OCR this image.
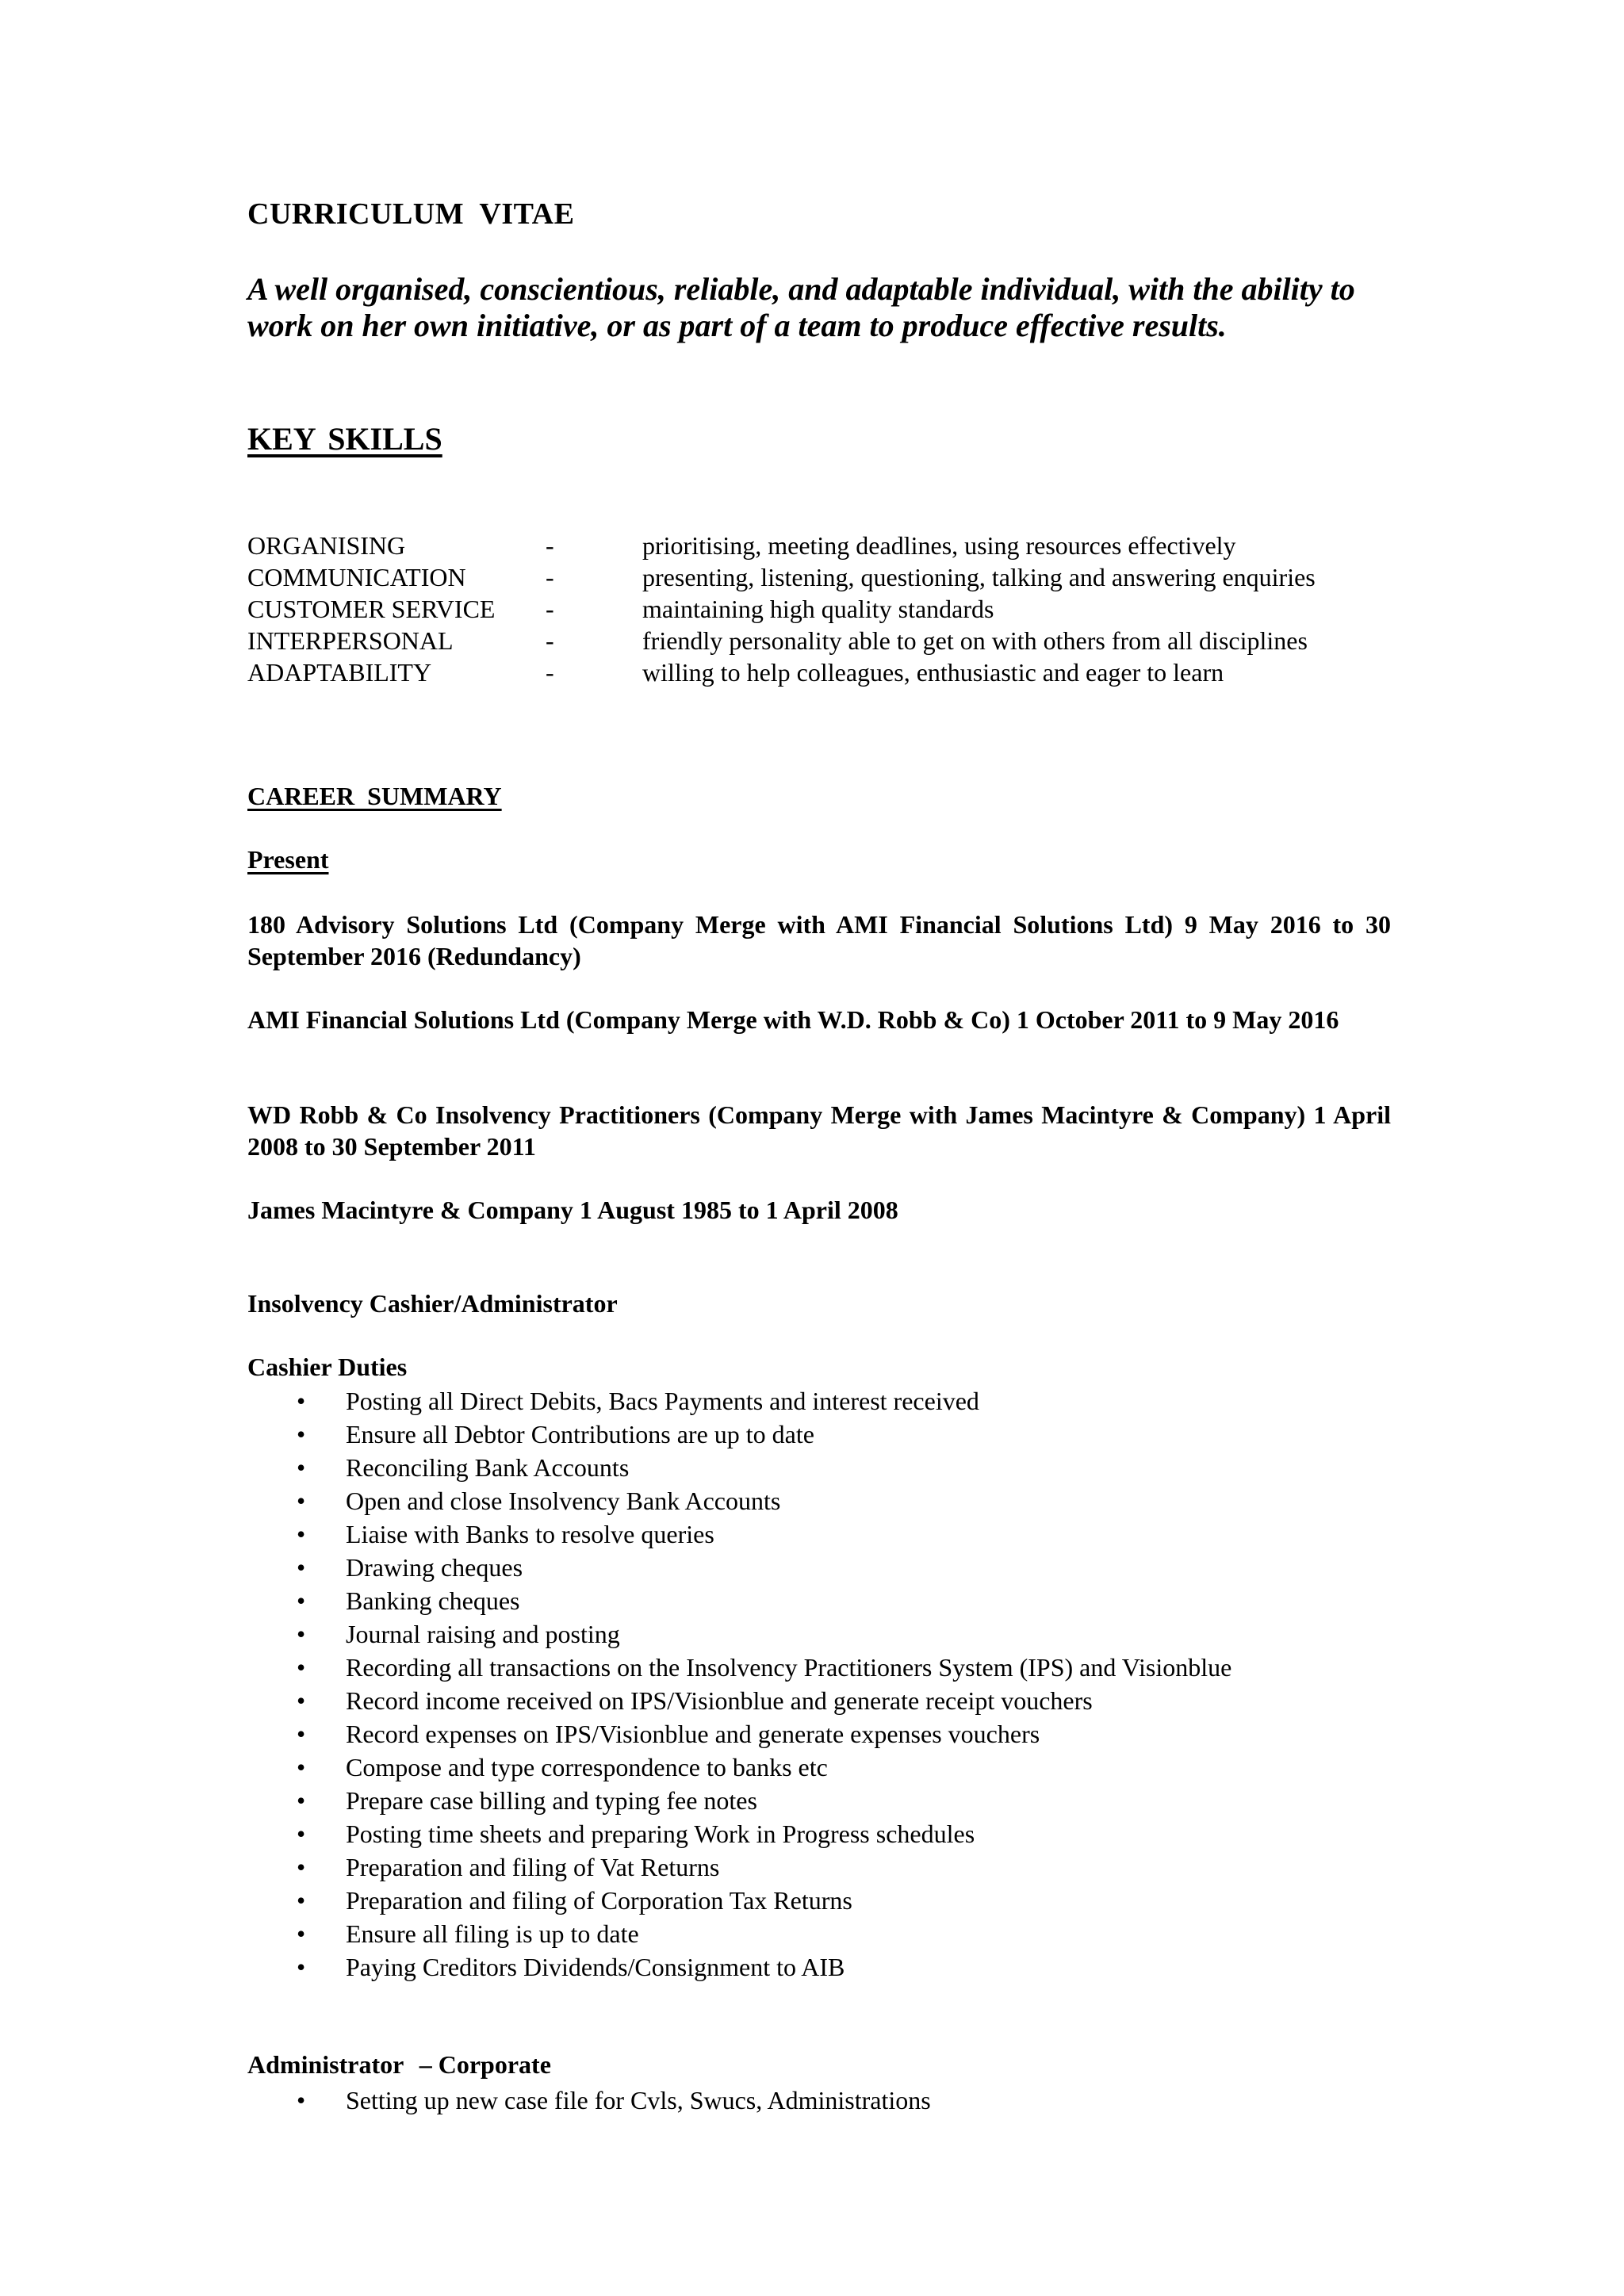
CURRICULUM VITAE
A well organised, conscientious, reliable, and adaptable individual, with the ability to work on her own initiative, or as part of a team to produce effective results.
KEY SKILLS
ORGANISING	-	prioritising, meeting deadlines, using resources effectively
COMMUNICATION	-	presenting, listening, questioning, talking and answering enquiries
CUSTOMER SERVICE -	maintaining high quality standards
INTERPERSONAL	-	friendly personality able to get on with others from all disciplines
ADAPTABILITY	-	willing to help colleagues, enthusiastic and eager to learn
CAREER SUMMARY
Present
180 Advisory Solutions Ltd (Company Merge with AMI Financial Solutions Ltd) 9 May 2016 to 30 September 2016 (Redundancy)
AMI Financial Solutions Ltd (Company Merge with W.D. Robb & Co) 1 October 2011 to 9 May 2016
WD Robb & Co Insolvency Practitioners (Company Merge with James Macintyre & Company) 1 April 2008 to 30 September 2011
James Macintyre & Company 1 August 1985 to 1 April 2008
Insolvency Cashier/Administrator
Cashier Duties
• Posting all Direct Debits, Bacs Payments and interest received
• Ensure all Debtor Contributions are up to date
• Reconciling Bank Accounts
• Open and close Insolvency Bank Accounts
• Liaise with Banks to resolve queries
• Drawing cheques
• Banking cheques
• Journal raising and posting
• Recording all transactions on the Insolvency Practitioners System (IPS) and Visionblue
• Record income received on IPS/Visionblue and generate receipt vouchers
• Record expenses on IPS/Visionblue and generate expenses vouchers
• Compose and type correspondence to banks etc
• Prepare case billing and typing fee notes
• Posting time sheets and preparing Work in Progress schedules
• Preparation and filing of Vat Returns
• Preparation and filing of Corporation Tax Returns
• Ensure all filing is up to date
• Paying Creditors Dividends/Consignment to AIB
Administrator – Corporate
• Setting up new case file for Cvls, Swucs, Administrations
